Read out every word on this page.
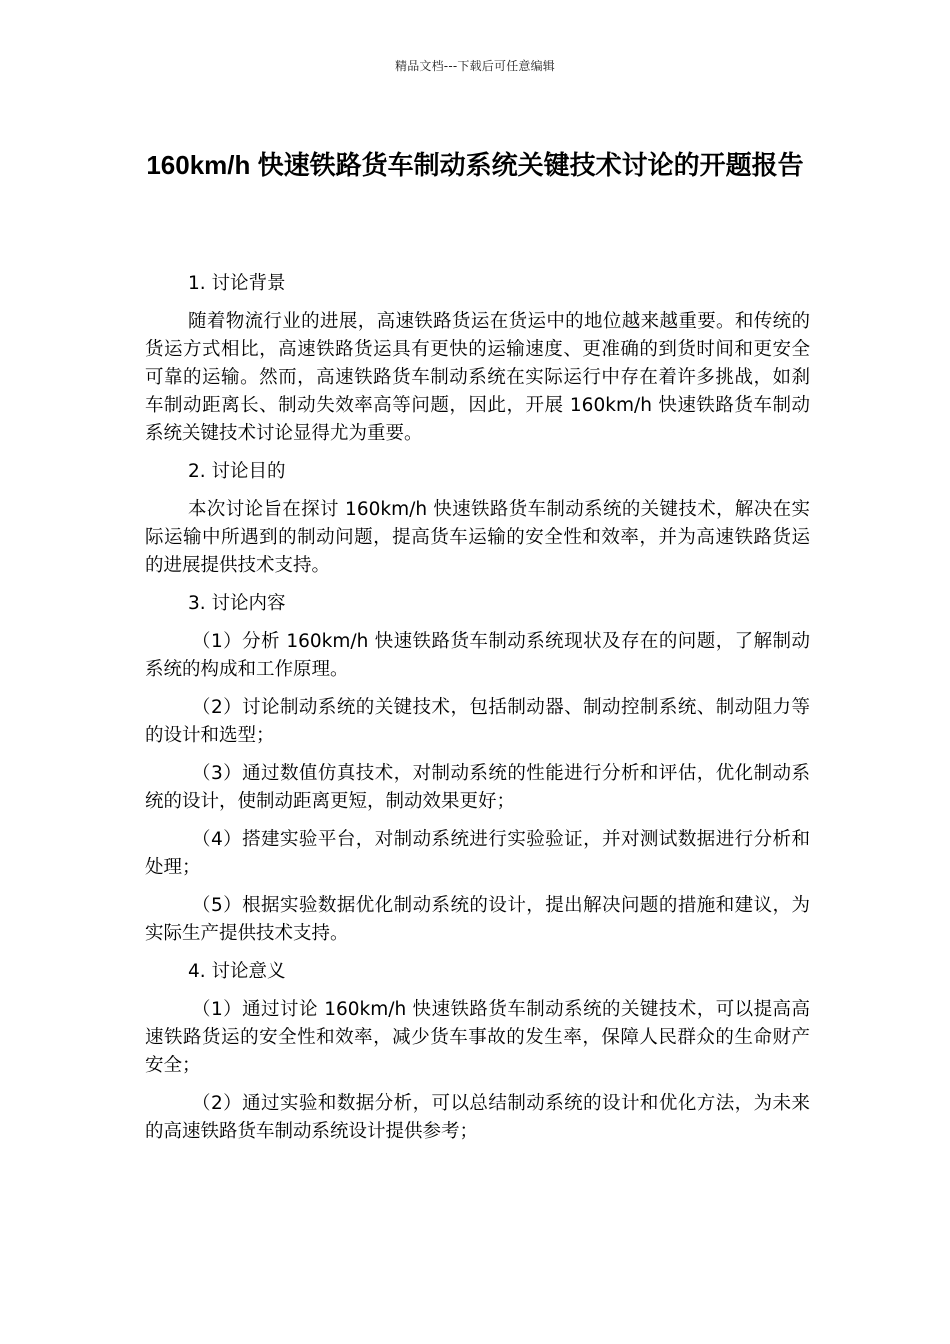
精品文档---下载后可任意编辑
160km/h 快速铁路货车制动系统关键技术讨论的开题报告

1. 讨论背景

随着物流行业的进展，高速铁路货运在货运中的地位越来越重要。和传统的货运方式相比，高速铁路货运具有更快的运输速度、更准确的到货时间和更安全可靠的运输。然而，高速铁路货车制动系统在实际运行中存在着许多挑战，如刹车制动距离长、制动失效率高等问题，因此，开展 160km/h 快速铁路货车制动系统关键技术讨论显得尤为重要。

2. 讨论目的

本次讨论旨在探讨 160km/h 快速铁路货车制动系统的关键技术，解决在实际运输中所遇到的制动问题，提高货车运输的安全性和效率，并为高速铁路货运的进展提供技术支持。

3. 讨论内容

（1）分析 160km/h 快速铁路货车制动系统现状及存在的问题，了解制动系统的构成和工作原理。

（2）讨论制动系统的关键技术，包括制动器、制动控制系统、制动阻力等的设计和选型；

（3）通过数值仿真技术，对制动系统的性能进行分析和评估，优化制动系统的设计，使制动距离更短，制动效果更好；

（4）搭建实验平台，对制动系统进行实验验证，并对测试数据进行分析和处理；

（5）根据实验数据优化制动系统的设计，提出解决问题的措施和建议，为实际生产提供技术支持。

4. 讨论意义

（1）通过讨论 160km/h 快速铁路货车制动系统的关键技术，可以提高高速铁路货运的安全性和效率，减少货车事故的发生率，保障人民群众的生命财产安全；

（2）通过实验和数据分析，可以总结制动系统的设计和优化方法，为未来的高速铁路货车制动系统设计提供参考；
